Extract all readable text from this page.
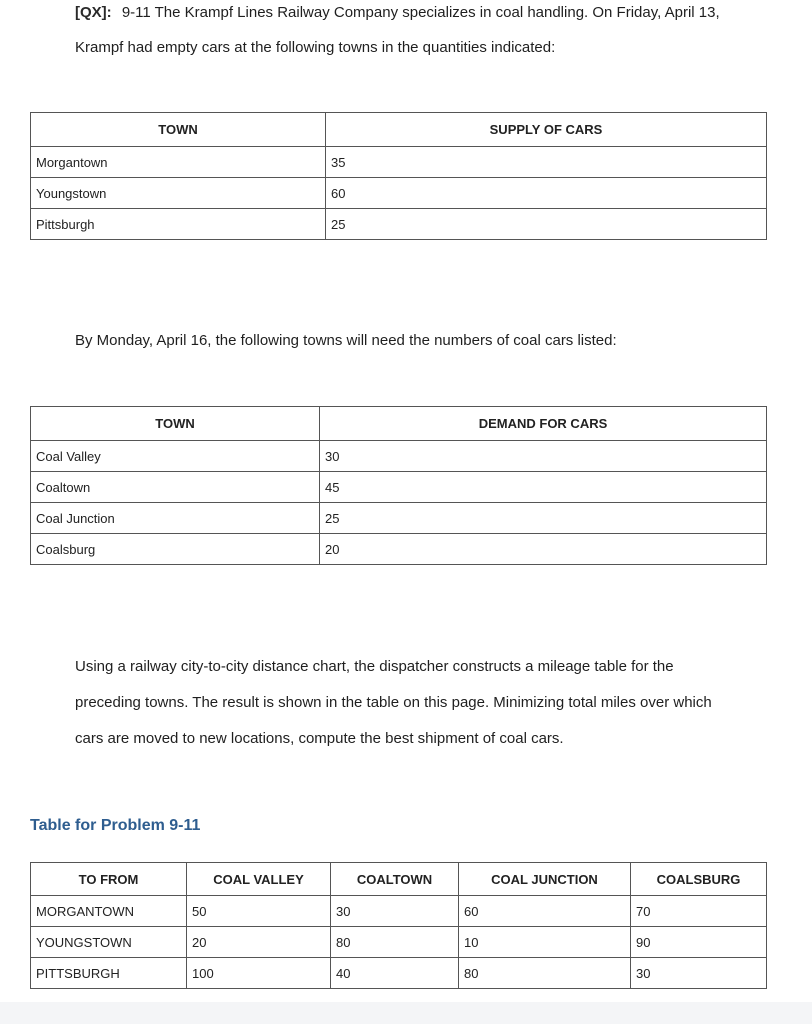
[QX]: 9-11 The Krampf Lines Railway Company specializes in coal handling. On Friday, April 13,

Krampf had empty cars at the following towns in the quantities indicated:

TOWN	SUPPLY OF CARS
Morgantown	35
Youngstown	60
Pittsburgh	25

By Monday, April 16, the following towns will need the numbers of coal cars listed:

TOWN	DEMAND FOR CARS
Coal Valley	30
Coaltown	45
Coal Junction	25
Coalsburg	20

Using a railway city-to-city distance chart, the dispatcher constructs a mileage table for the

preceding towns. The result is shown in the table on this page. Minimizing total miles over which

cars are moved to new locations, compute the best shipment of coal cars.

Table for Problem 9-11

TO FROM	COAL VALLEY	COALTOWN	COAL JUNCTION	COALSBURG
MORGANTOWN	50	30	60	70
YOUNGSTOWN	20	80	10	90
PITTSBURGH	100	40	80	30
